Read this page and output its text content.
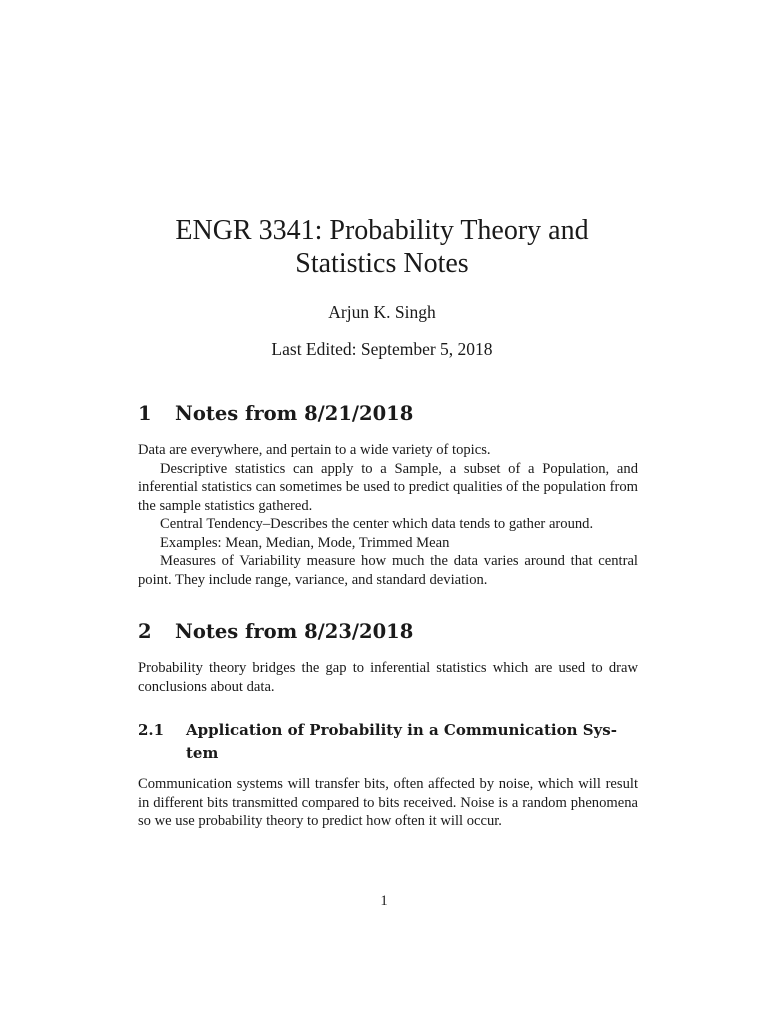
ENGR 3341: Probability Theory and
Statistics Notes
Arjun K. Singh
Last Edited: September 5, 2018
1	Notes from 8/21/2018

Data are everywhere, and pertain to a wide variety of topics.

Descriptive statistics can apply to a Sample, a subset of a Population, and inferential statistics can sometimes be used to predict qualities of the population from the sample statistics gathered.

Central Tendency–Describes the center which data tends to gather around.

Examples: Mean, Median, Mode, Trimmed Mean

Measures of Variability measure how much the data varies around that central point. They include range, variance, and standard deviation.

2	Notes from 8/23/2018

Probability theory bridges the gap to inferential statistics which are used to draw conclusions about data.

2.1	Application of Probability in a Communication Sys-tem

Communication systems will transfer bits, often affected by noise, which will result in different bits transmitted compared to bits received. Noise is a random phenomena so we use probability theory to predict how often it will occur.

1
